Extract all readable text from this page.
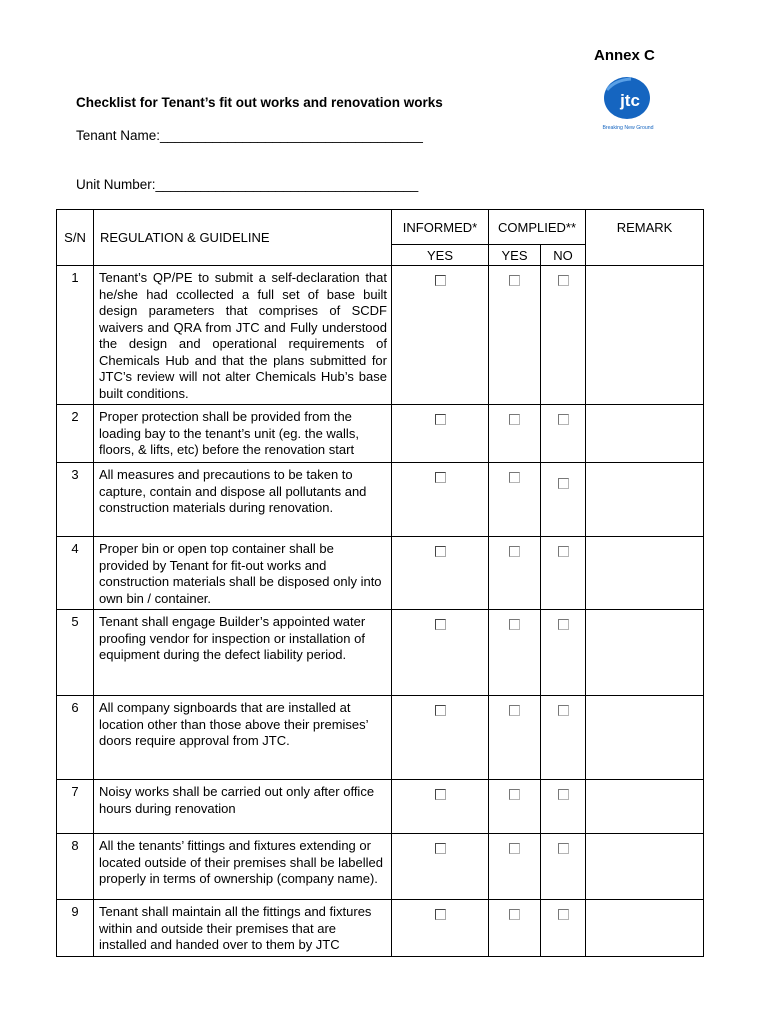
Annex C
jtc
Breaking New Ground
Checklist for Tenant’s fit out works and renovation works
Tenant Name:___________________________________
Unit Number:___________________________________
S/N	REGULATION & GUIDELINE	INFORMED*	COMPLIED**		REMARK
		YES	YES	NO	
1	Tenant’s QP/PE to submit a self-declaration that he/she had ccollected a full set of base built design parameters that comprises of SCDF waivers and QRA from JTC and Fully understood the design and operational requirements of Chemicals Hub and that the plans submitted for JTC’s review will not alter Chemicals Hub’s base built conditions.				
2	Proper protection shall be provided from the loading bay to the tenant’s unit (eg. the walls, floors, & lifts, etc) before the renovation start				
3	All measures and precautions to be taken to capture, contain and dispose all pollutants and construction materials during renovation.				
4	Proper bin or open top container shall be provided by Tenant for fit-out works and construction materials shall be disposed only into own bin / container.				
5	Tenant shall engage Builder’s appointed water proofing vendor for inspection or installation of equipment during the defect liability period.				
6	All company signboards that are installed at location other than those above their premises’ doors require approval from JTC.				
7	Noisy works shall be carried out only after office hours during renovation				
8	All the tenants’ fittings and fixtures extending or located outside of their premises shall be labelled properly in terms of ownership (company name).				
9	Tenant shall maintain all the fittings and fixtures within and outside their premises that are installed and handed over to them by JTC				
